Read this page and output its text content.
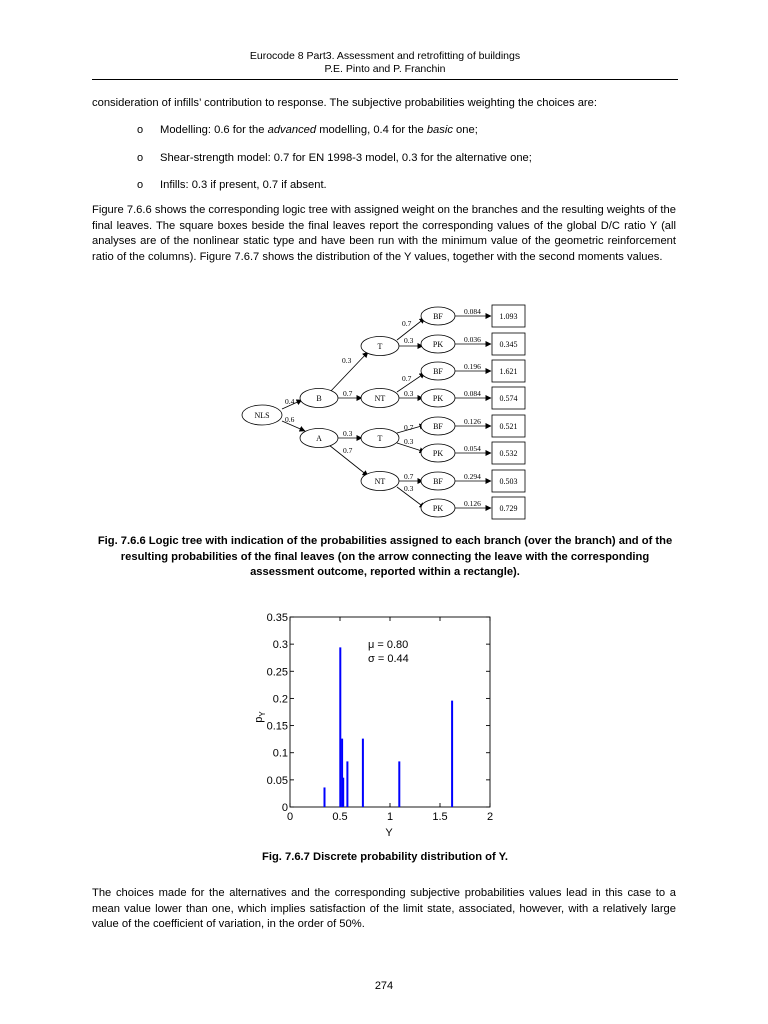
Eurocode 8 Part3. Assessment and retrofitting of buildings
P.E. Pinto and P. Franchin
consideration of infills’ contribution to response. The subjective probabilities weighting the choices are:
o Modelling: 0.6 for the advanced modelling, 0.4 for the basic one;
o Shear-strength model: 0.7 for EN 1998-3 model, 0.3 for the alternative one;
o Infills: 0.3 if present, 0.7 if absent.
Figure 7.6.6 shows the corresponding logic tree with assigned weight on the branches and the resulting weights of the final leaves. The square boxes beside the final leaves report the corresponding values of the global D/C ratio Y (all analyses are of the nonlinear static type and have been run with the minimum value of the geometric reinforcement ratio of the columns). Figure 7.6.7 shows the distribution of the Y values, together with the second moments values.
NLS
B
A
T
NT
T
NT
BF
PK
BF
PK
BF
PK
BF
PK
1.093
0.345
1.621
0.574
0.521
0.532
0.503
0.729
0.4
0.6
0.3
0.7
0.3
0.7
0.7
0.3
0.7
0.3
0.7
0.3
0.7
0.3
0.084
0.036
0.196
0.084
0.126
0.054
0.294
0.126
Fig. 7.6.6 Logic tree with indication of the probabilities assigned to each branch (over the branch) and of the resulting probabilities of the final leaves (on the arrow connecting the leave with the corresponding assessment outcome, reported within a rectangle).
0
0.05
0.1
0.15
0.2
0.25
0.3
0.35
0	0.5	1	1.5	2
Y
$p_Y$
μ = 0.80
σ = 0.44
Fig. 7.6.7 Discrete probability distribution of Y.
The choices made for the alternatives and the corresponding subjective probabilities values lead in this case to a mean value lower than one, which implies satisfaction of the limit state, associated, however, with a relatively large value of the coefficient of variation, in the order of 50%.
274
